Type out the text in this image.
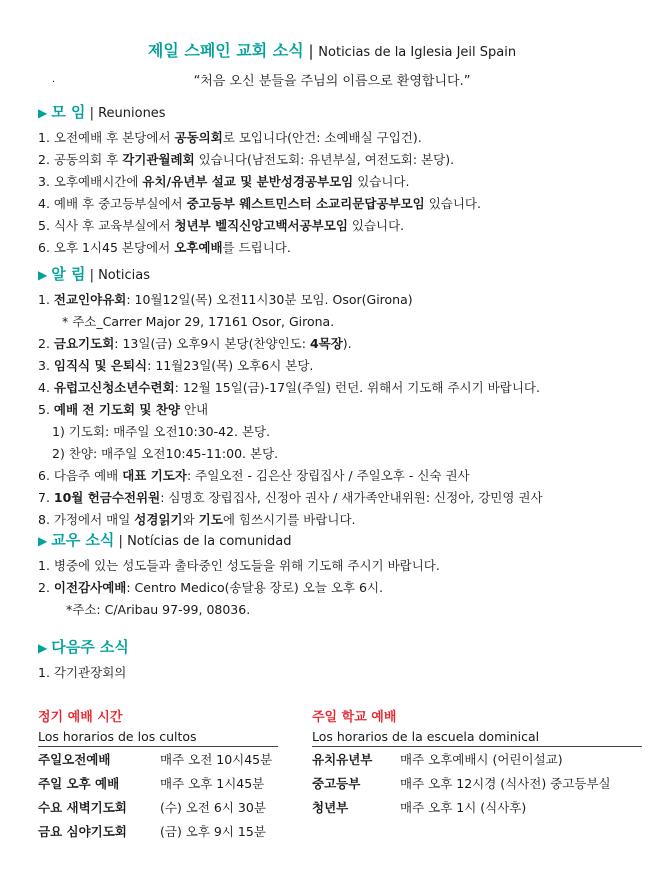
제일 스페인 교회 소식 | Noticias de la Iglesia Jeil Spain
“처음 오신 분들을 주님의 이름으로 환영합니다.”
.
▶ 모 임 | Reuniones
1. 오전예배 후 본당에서 공동의회로 모입니다(안건: 소예배실 구입건).
2. 공동의회 후 각기관월례회 있습니다(남전도회: 유년부실, 여전도회: 본당).
3. 오후예배시간에 유치/유년부 설교 및 분반성경공부모임 있습니다.
4. 예배 후 중고등부실에서 중고등부 웨스트민스터 소교리문답공부모임 있습니다.
5. 식사 후 교육부실에서 청년부 벨직신앙고백서공부모임 있습니다.
6. 오후 1시45 본당에서 오후예배를 드립니다.
▶ 알 림 | Noticias
1. 전교인야유회: 10월12일(목) 오전11시30분 모임. Osor(Girona)
* 주소_Carrer Major 29, 17161 Osor, Girona.
2. 금요기도회: 13일(금) 오후9시 본당(찬양인도: 4목장).
3. 임직식 및 은퇴식: 11월23일(목) 오후6시 본당.
4. 유럽고신청소년수련회: 12월 15일(금)-17일(주일) 런던. 위해서 기도해 주시기 바랍니다.
5. 예배 전 기도회 및 찬양 안내
1) 기도회: 매주일 오전10:30-42. 본당.
2) 찬양: 매주일 오전10:45-11:00. 본당.
6. 다음주 예배 대표 기도자: 주일오전 - 김은산 장립집사 / 주일오후 - 신숙 권사
7. 10월 헌금수전위원: 심명호 장립집사, 신정아 권사 / 새가족안내위원: 신정아, 강민영 권사
8. 가정에서 매일 성경읽기와 기도에 힘쓰시기를 바랍니다.
▶ 교우 소식 | Notícias de la comunidad
1. 병중에 있는 성도들과 출타중인 성도들을 위해 기도해 주시기 바랍니다.
2. 이전감사예배: Centro Medico(송달용 장로) 오늘 오후 6시.
*주소: C/Aribau 97-99, 08036.
▶ 다음주 소식
1. 각기관장회의
정기 예배 시간
Los horarios de los cultos
주일오전예배	매주 오전 10시45분
주일 오후 예배	매주 오후 1시45분
수요 새벽기도회	(수) 오전 6시 30분
금요 심야기도회	(금) 오후 9시 15분
주일 학교 예배
Los horarios de la escuela dominical
유치유년부	매주 오후예배시 (어린이설교)
중고등부	매주 오후 12시경 (식사전) 중고등부실
청년부	매주 오후 1시 (식사후)
